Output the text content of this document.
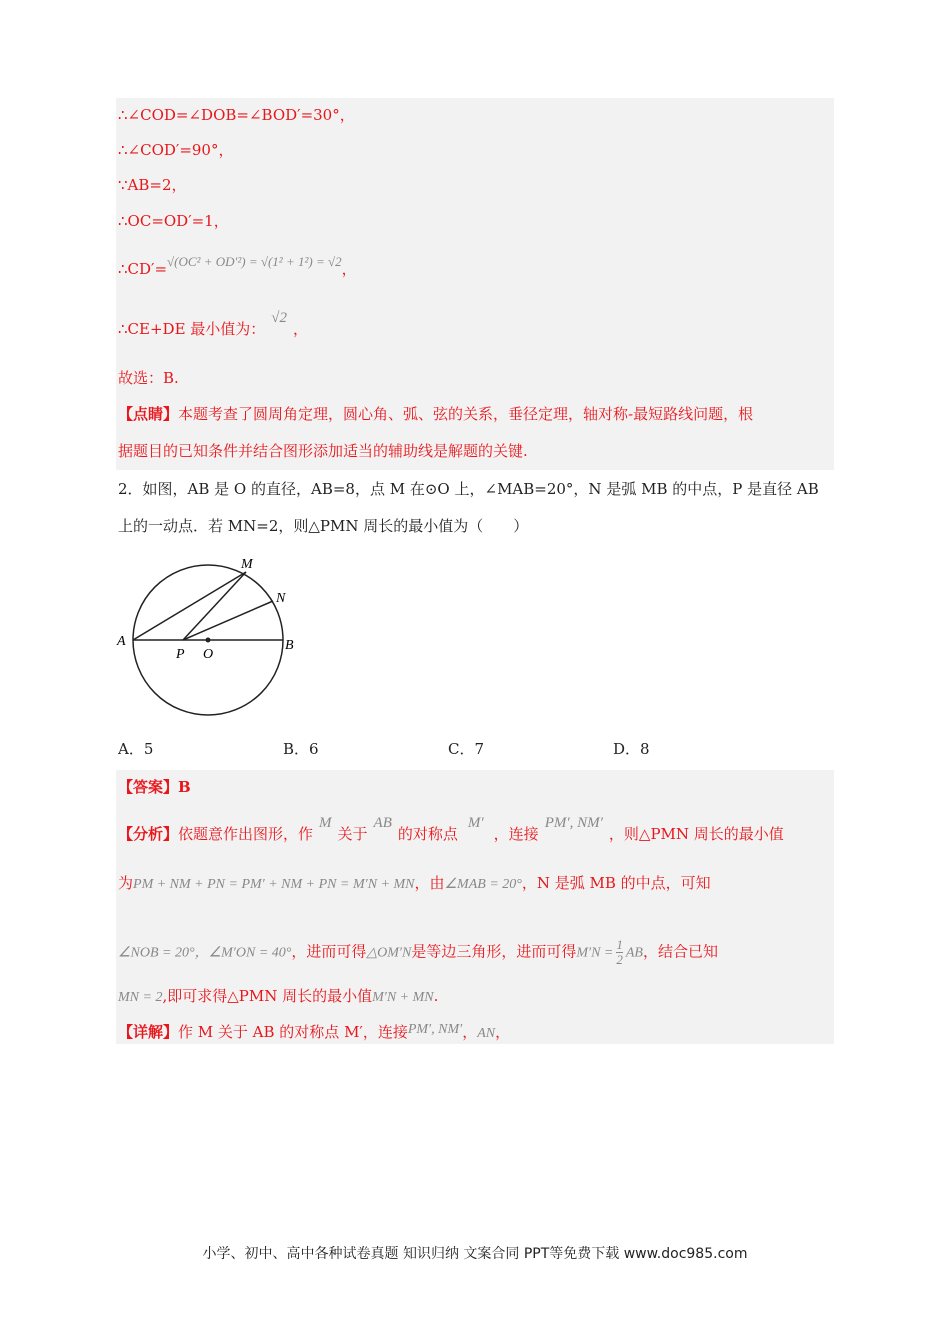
∴∠COD=∠DOB=∠BOD′=30°，
∴∠COD′=90°，
∵AB=2，
∴OC=OD′=1，
∴CD′=√(OC² + OD′²) = √(1² + 1²) = √2，
∴CE+DE 最小值为：√2，
故选：B.
【点睛】本题考查了圆周角定理，圆心角、弧、弦的关系，垂径定理，轴对称-最短路线问题，根
据题目的已知条件并结合图形添加适当的辅助线是解题的关键.
2．如图，AB 是 O 的直径，AB=8，点 M 在⊙O 上，∠MAB=20°，N 是弧 MB 的中点，P 是直径 AB
上的一动点．若 MN=2，则△PMN 周长的最小值为（　　）
M
N
A
P O
B
A．5	B．6	C．7	D．8
【答案】B
【分析】依题意作出图形，作M关于AB的对称点M′，连接PM′, NM′，则△PMN 周长的最小值
为PM + NM + PN = PM′ + NM + PN = M′N + MN，由∠MAB = 20°，N 是弧 MB 的中点，可知
∠NOB = 20°，∠M′ON = 40°，进而可得△OM′N是等边三角形，进而可得$M'N = \frac{1}{2}$ AB，结合已知
MN = 2,即可求得△PMN 周长的最小值M′N + MN.
【详解】作 M 关于 AB 的对称点 M′，连接PM′, NM′，AN，
小学、初中、高中各种试卷真题 知识归纳 文案合同 PPT等免费下载 www.doc985.com
